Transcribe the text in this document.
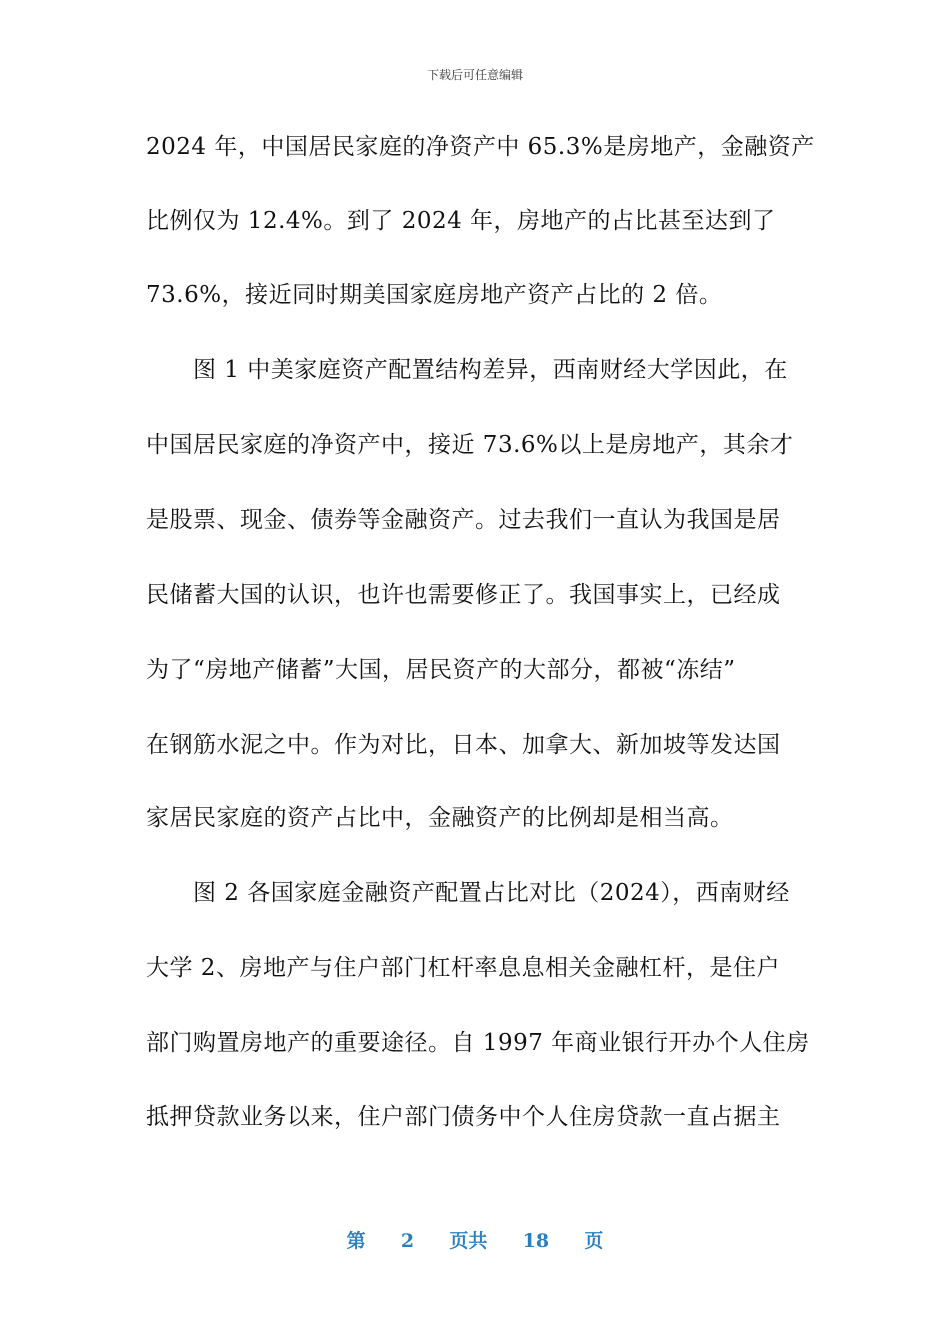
下载后可任意编辑
2024 年，中国居民家庭的净资产中 65.3%是房地产，金融资产
比例仅为 12.4%。到了 2024 年，房地产的占比甚至达到了
73.6%，接近同时期美国家庭房地产资产占比的 2 倍。
图 1 中美家庭资产配置结构差异，西南财经大学因此，在
中国居民家庭的净资产中，接近 73.6%以上是房地产，其余才
是股票、现金、债券等金融资产。过去我们一直认为我国是居
民储蓄大国的认识，也许也需要修正了。我国事实上，已经成
为了“房地产储蓄”大国，居民资产的大部分，都被“冻结”
在钢筋水泥之中。作为对比，日本、加拿大、新加坡等发达国
家居民家庭的资产占比中，金融资产的比例却是相当高。
图 2 各国家庭金融资产配置占比对比（2024），西南财经
大学 2、房地产与住户部门杠杆率息息相关金融杠杆，是住户
部门购置房地产的重要途径。自 1997 年商业银行开办个人住房
抵押贷款业务以来，住户部门债务中个人住房贷款一直占据主
第 2 页共 18 页
